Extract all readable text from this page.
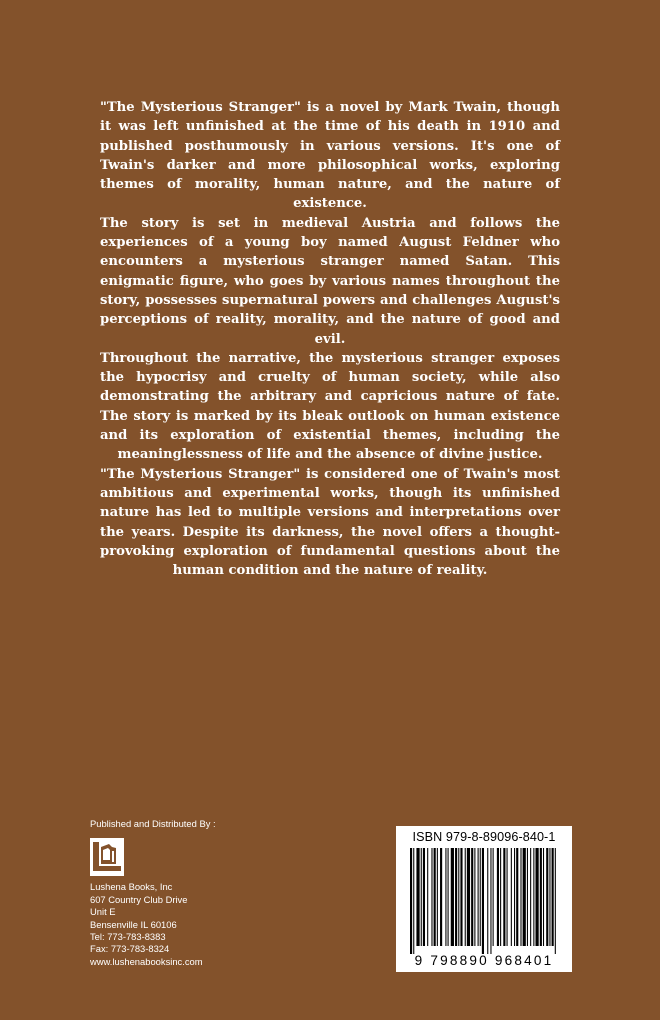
"The Mysterious Stranger" is a novel by Mark Twain, though it was left unfinished at the time of his death in 1910 and published posthumously in various versions. It's one of Twain's darker and more philosophical works, exploring themes of morality, human nature, and the nature of existence.

The story is set in medieval Austria and follows the experiences of a young boy named August Feldner who encounters a mysterious stranger named Satan. This enigmatic figure, who goes by various names throughout the story, possesses supernatural powers and challenges August's perceptions of reality, morality, and the nature of good and evil.

Throughout the narrative, the mysterious stranger exposes the hypocrisy and cruelty of human society, while also demonstrating the arbitrary and capricious nature of fate. The story is marked by its bleak outlook on human existence and its exploration of existential themes, including the meaninglessness of life and the absence of divine justice.

"The Mysterious Stranger" is considered one of Twain's most ambitious and experimental works, though its unfinished nature has led to multiple versions and interpretations over the years. Despite its darkness, the novel offers a thought-provoking exploration of fundamental questions about the human condition and the nature of reality.

Published and Distributed By :
Lushena Books, Inc
607 Country Club Drive
Unit E
Bensenville IL 60106
Tel: 773-783-8383
Fax: 773-783-8324
www.lushenabooksinc.com
ISBN 979-8-89096-840-1
9 798890 968401
